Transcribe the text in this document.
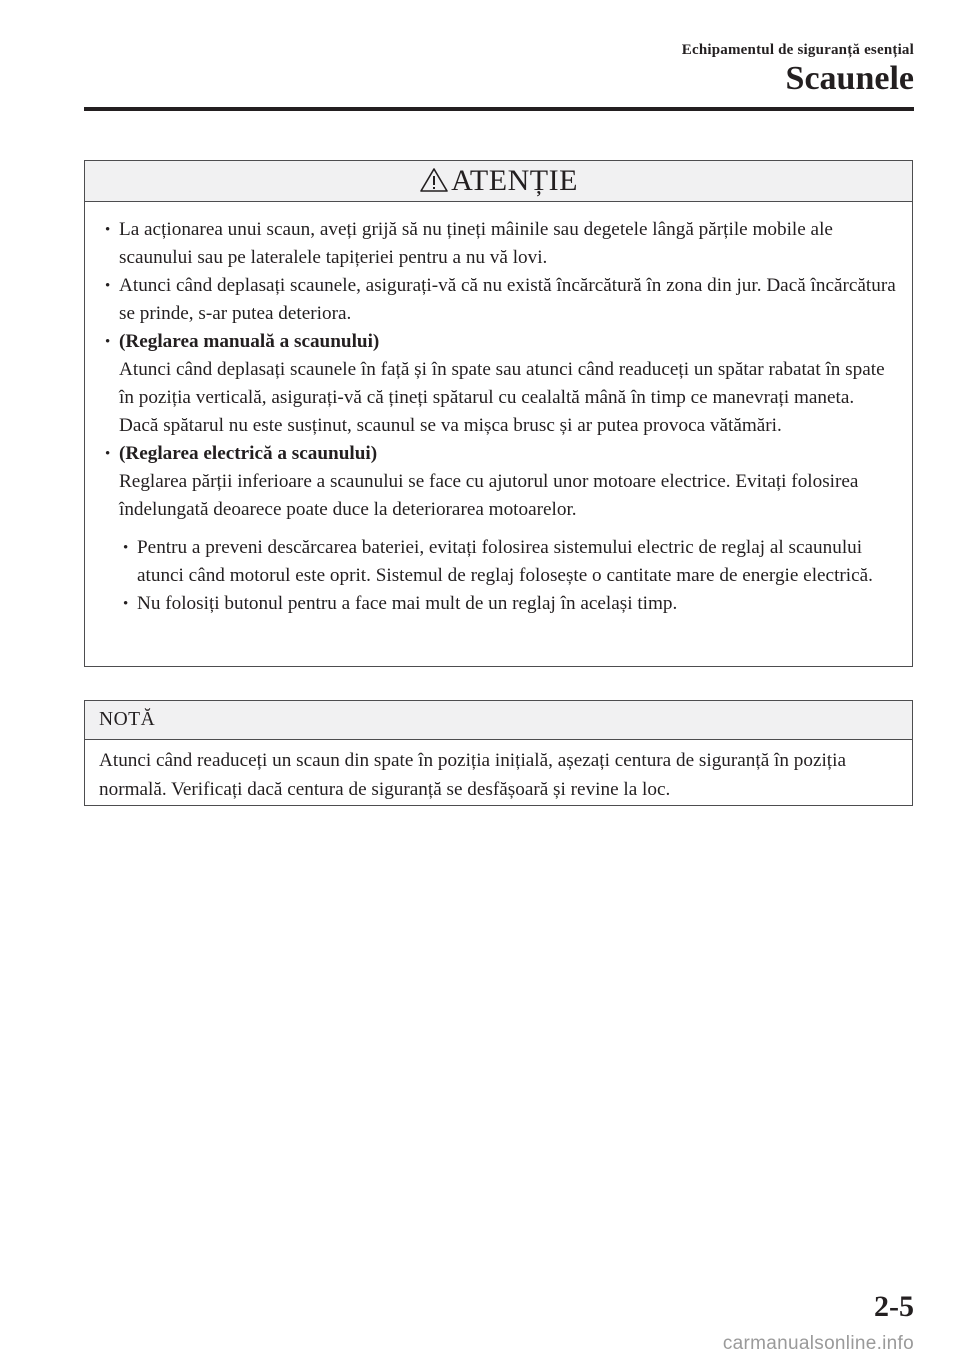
Echipamentul de siguranță esențial
Scaunele
ATENȚIE
• La acționarea unui scaun, aveți grijă să nu țineți mâinile sau degetele lângă părțile mobile ale scaunului sau pe lateralele tapițeriei pentru a nu vă lovi.
• Atunci când deplasați scaunele, asigurați-vă că nu există încărcătură în zona din jur. Dacă încărcătura se prinde, s-ar putea deteriora.
• (Reglarea manuală a scaunului)
Atunci când deplasați scaunele în față și în spate sau atunci când readuceți un spătar rabatat în spate în poziția verticală, asigurați-vă că țineți spătarul cu cealaltă mână în timp ce manevrați maneta. Dacă spătarul nu este susținut, scaunul se va mișca brusc și ar putea provoca vătămări.
• (Reglarea electrică a scaunului)
Reglarea părții inferioare a scaunului se face cu ajutorul unor motoare electrice. Evitați folosirea îndelungată deoarece poate duce la deteriorarea motoarelor.
• Pentru a preveni descărcarea bateriei, evitați folosirea sistemului electric de reglaj al scaunului atunci când motorul este oprit. Sistemul de reglaj folosește o cantitate mare de energie electrică.
• Nu folosiți butonul pentru a face mai mult de un reglaj în același timp.
NOTĂ
Atunci când readuceți un scaun din spate în poziția inițială, așezați centura de siguranță în poziția normală. Verificați dacă centura de siguranță se desfășoară și revine la loc.
2-5
carmanualsonline.info
